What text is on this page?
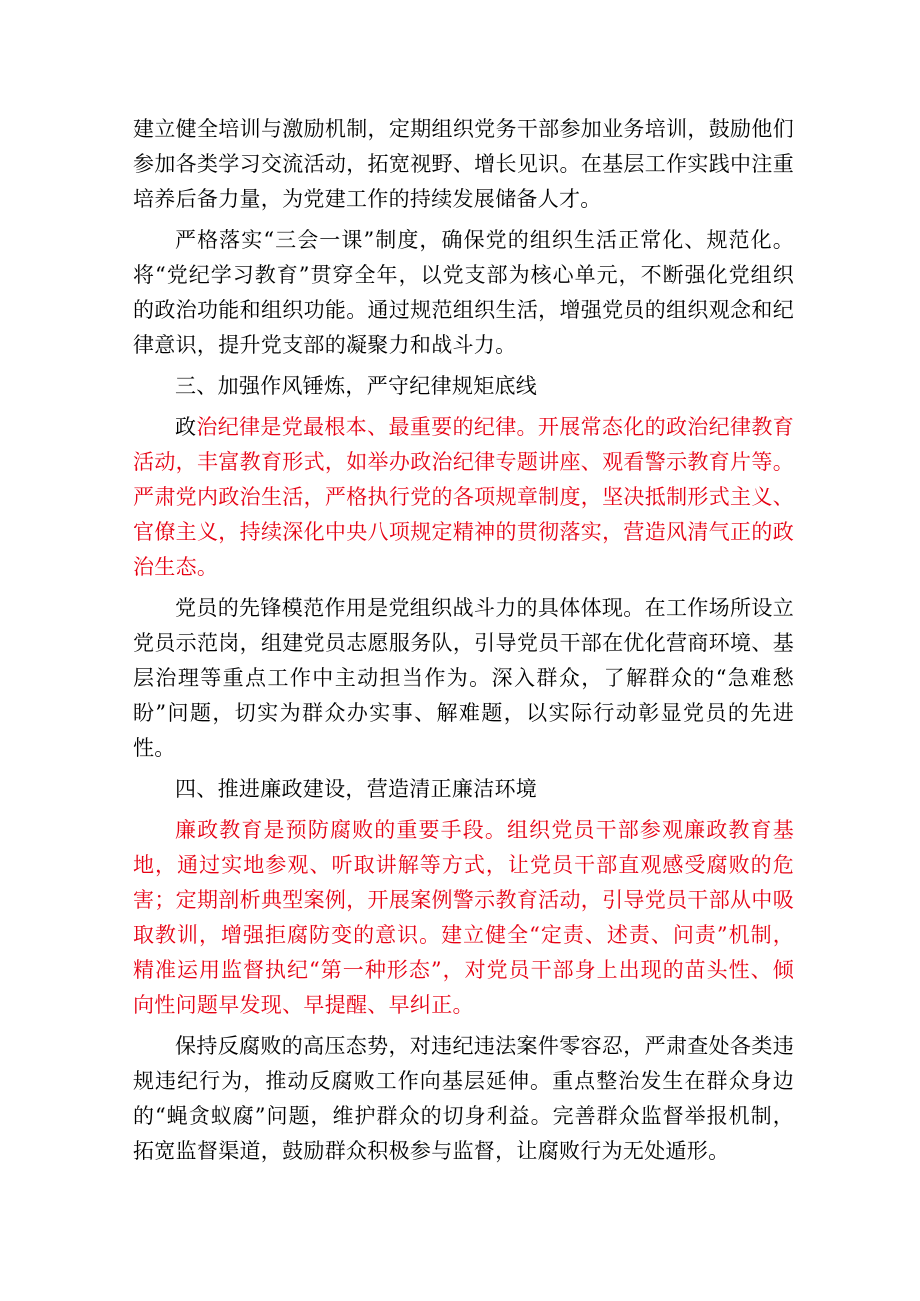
建立健全培训与激励机制，定期组织党务干部参加业务培训，鼓励他们参加各类学习交流活动，拓宽视野、增长见识。在基层工作实践中注重培养后备力量，为党建工作的持续发展储备人才。

严格落实“三会一课”制度，确保党的组织生活正常化、规范化。将“党纪学习教育”贯穿全年，以党支部为核心单元，不断强化党组织的政治功能和组织功能。通过规范组织生活，增强党员的组织观念和纪律意识，提升党支部的凝聚力和战斗力。

三、加强作风锤炼，严守纪律规矩底线

政治纪律是党最根本、最重要的纪律。开展常态化的政治纪律教育活动，丰富教育形式，如举办政治纪律专题讲座、观看警示教育片等。严肃党内政治生活，严格执行党的各项规章制度，坚决抵制形式主义、官僚主义，持续深化中央八项规定精神的贯彻落实，营造风清气正的政治生态。

党员的先锋模范作用是党组织战斗力的具体体现。在工作场所设立党员示范岗，组建党员志愿服务队，引导党员干部在优化营商环境、基层治理等重点工作中主动担当作为。深入群众，了解群众的“急难愁盼”问题，切实为群众办实事、解难题，以实际行动彰显党员的先进性。

四、推进廉政建设，营造清正廉洁环境

廉政教育是预防腐败的重要手段。组织党员干部参观廉政教育基地，通过实地参观、听取讲解等方式，让党员干部直观感受腐败的危害；定期剖析典型案例，开展案例警示教育活动，引导党员干部从中吸取教训，增强拒腐防变的意识。建立健全“定责、述责、问责”机制，精准运用监督执纪“第一种形态”，对党员干部身上出现的苗头性、倾向性问题早发现、早提醒、早纠正。

保持反腐败的高压态势，对违纪违法案件零容忍，严肃查处各类违规违纪行为，推动反腐败工作向基层延伸。重点整治发生在群众身边的“蝇贪蚁腐”问题，维护群众的切身利益。完善群众监督举报机制，拓宽监督渠道，鼓励群众积极参与监督，让腐败行为无处遁形。
